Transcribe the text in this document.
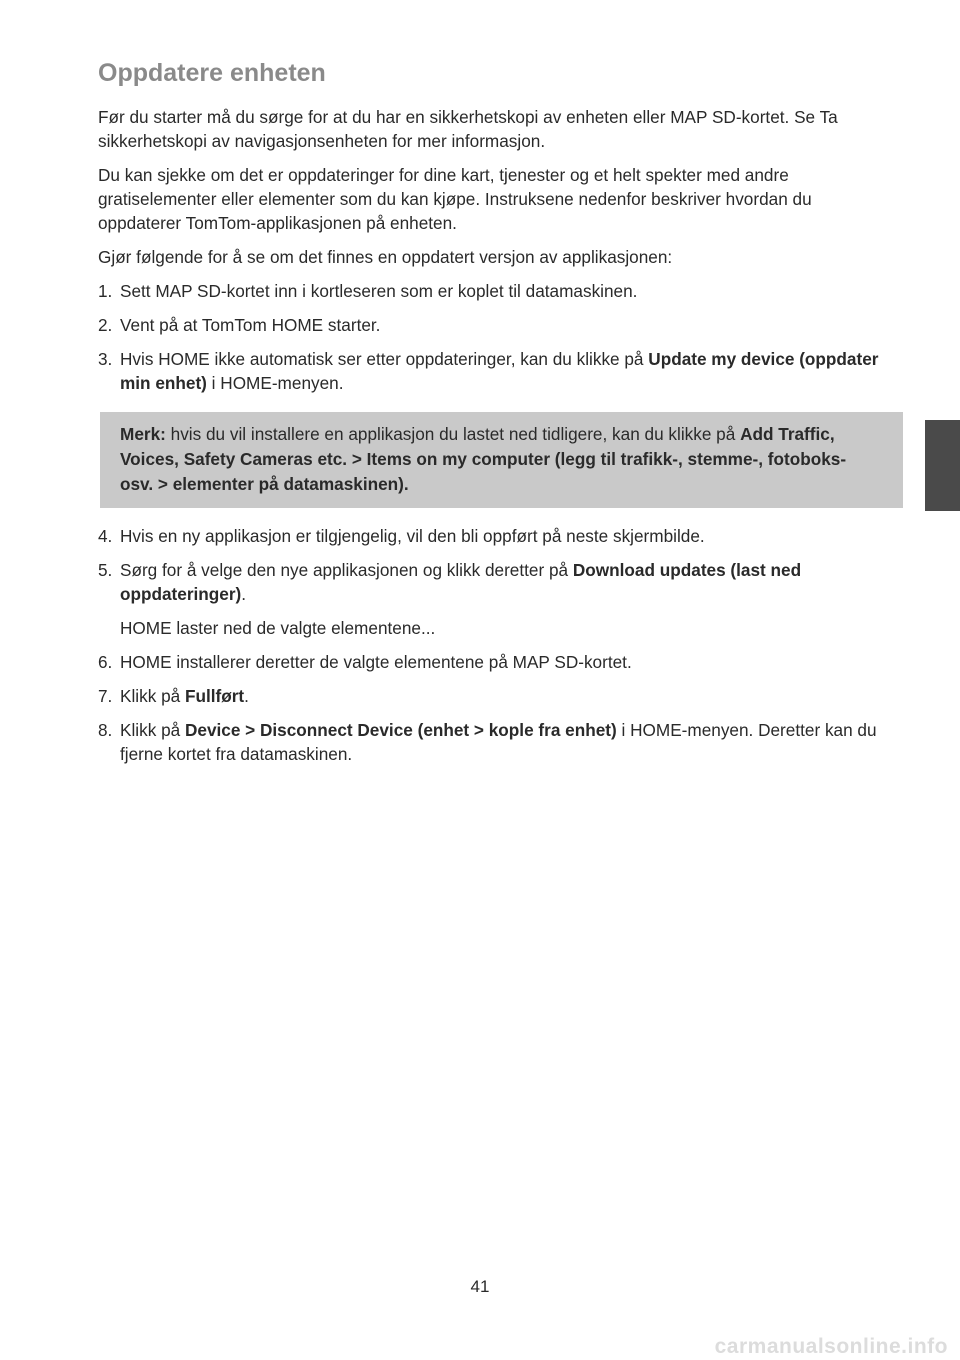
Oppdatere enheten

Før du starter må du sørge for at du har en sikkerhetskopi av enheten eller MAP SD-kortet. Se Ta sikkerhetskopi av navigasjonsenheten for mer informasjon.

Du kan sjekke om det er oppdateringer for dine kart, tjenester og et helt spekter med andre gratiselementer eller elementer som du kan kjøpe. Instruksene nedenfor beskriver hvordan du oppdaterer TomTom-applikasjonen på enheten.

Gjør følgende for å se om det finnes en oppdatert versjon av applikasjonen:

1. Sett MAP SD-kortet inn i kortleseren som er koplet til datamaskinen.
2. Vent på at TomTom HOME starter.
3. Hvis HOME ikke automatisk ser etter oppdateringer, kan du klikke på Update my device (oppdater min enhet) i HOME-menyen.
Merk: hvis du vil installere en applikasjon du lastet ned tidligere, kan du klikke på Add Traffic, Voices, Safety Cameras etc. > Items on my computer (legg til trafikk-, stemme-, fotoboks- osv. > elementer på datamaskinen).
4. Hvis en ny applikasjon er tilgjengelig, vil den bli oppført på neste skjermbilde.
5. Sørg for å velge den nye applikasjonen og klikk deretter på Download updates (last ned oppdateringer).
HOME laster ned de valgte elementene...
6. HOME installerer deretter de valgte elementene på MAP SD-kortet.
7. Klikk på Fullført.
8. Klikk på Device > Disconnect Device (enhet > kople fra enhet) i HOME-menyen. Deretter kan du fjerne kortet fra datamaskinen.
41
carmanualsonline.info
